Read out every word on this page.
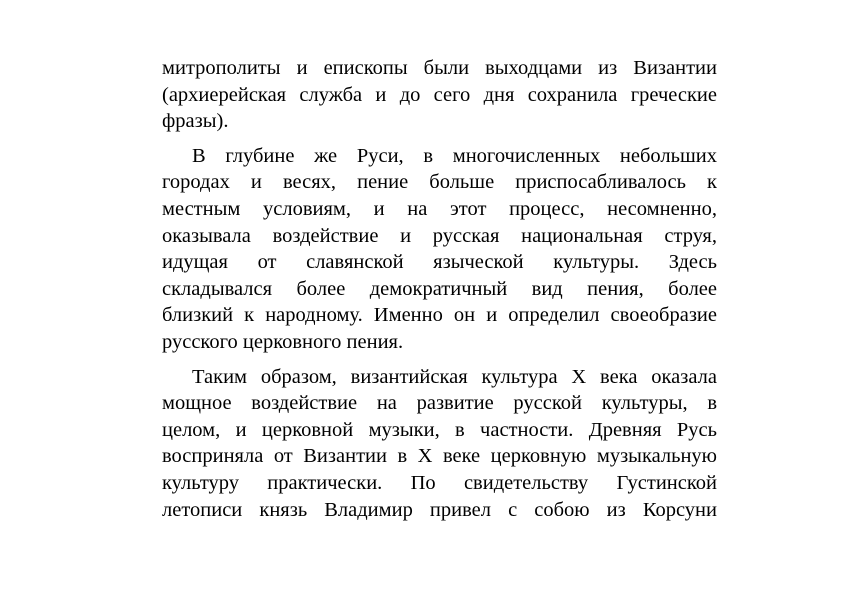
митрополиты и епископы были выходцами из Византии
(архиерейская служба и до сего дня сохранила греческие
фразы).

В глубине же Руси, в многочисленных небольших
городах и весях, пение больше приспосабливалось к
местным условиям, и на этот процесс, несомненно,
оказывала воздействие и русская национальная струя,
идущая от славянской языческой культуры. Здесь
складывался более демократичный вид пения, более
близкий к народному. Именно он и определил своеобразие
русского церковного пения.

Таким образом, византийская культура X века оказала
мощное воздействие на развитие русской культуры, в
целом, и церковной музыки, в частности. Древняя Русь
восприняла от Византии в X веке церковную музыкальную
культуру практически. По свидетельству Густинской
летописи князь Владимир привел с собою из Корсуни
